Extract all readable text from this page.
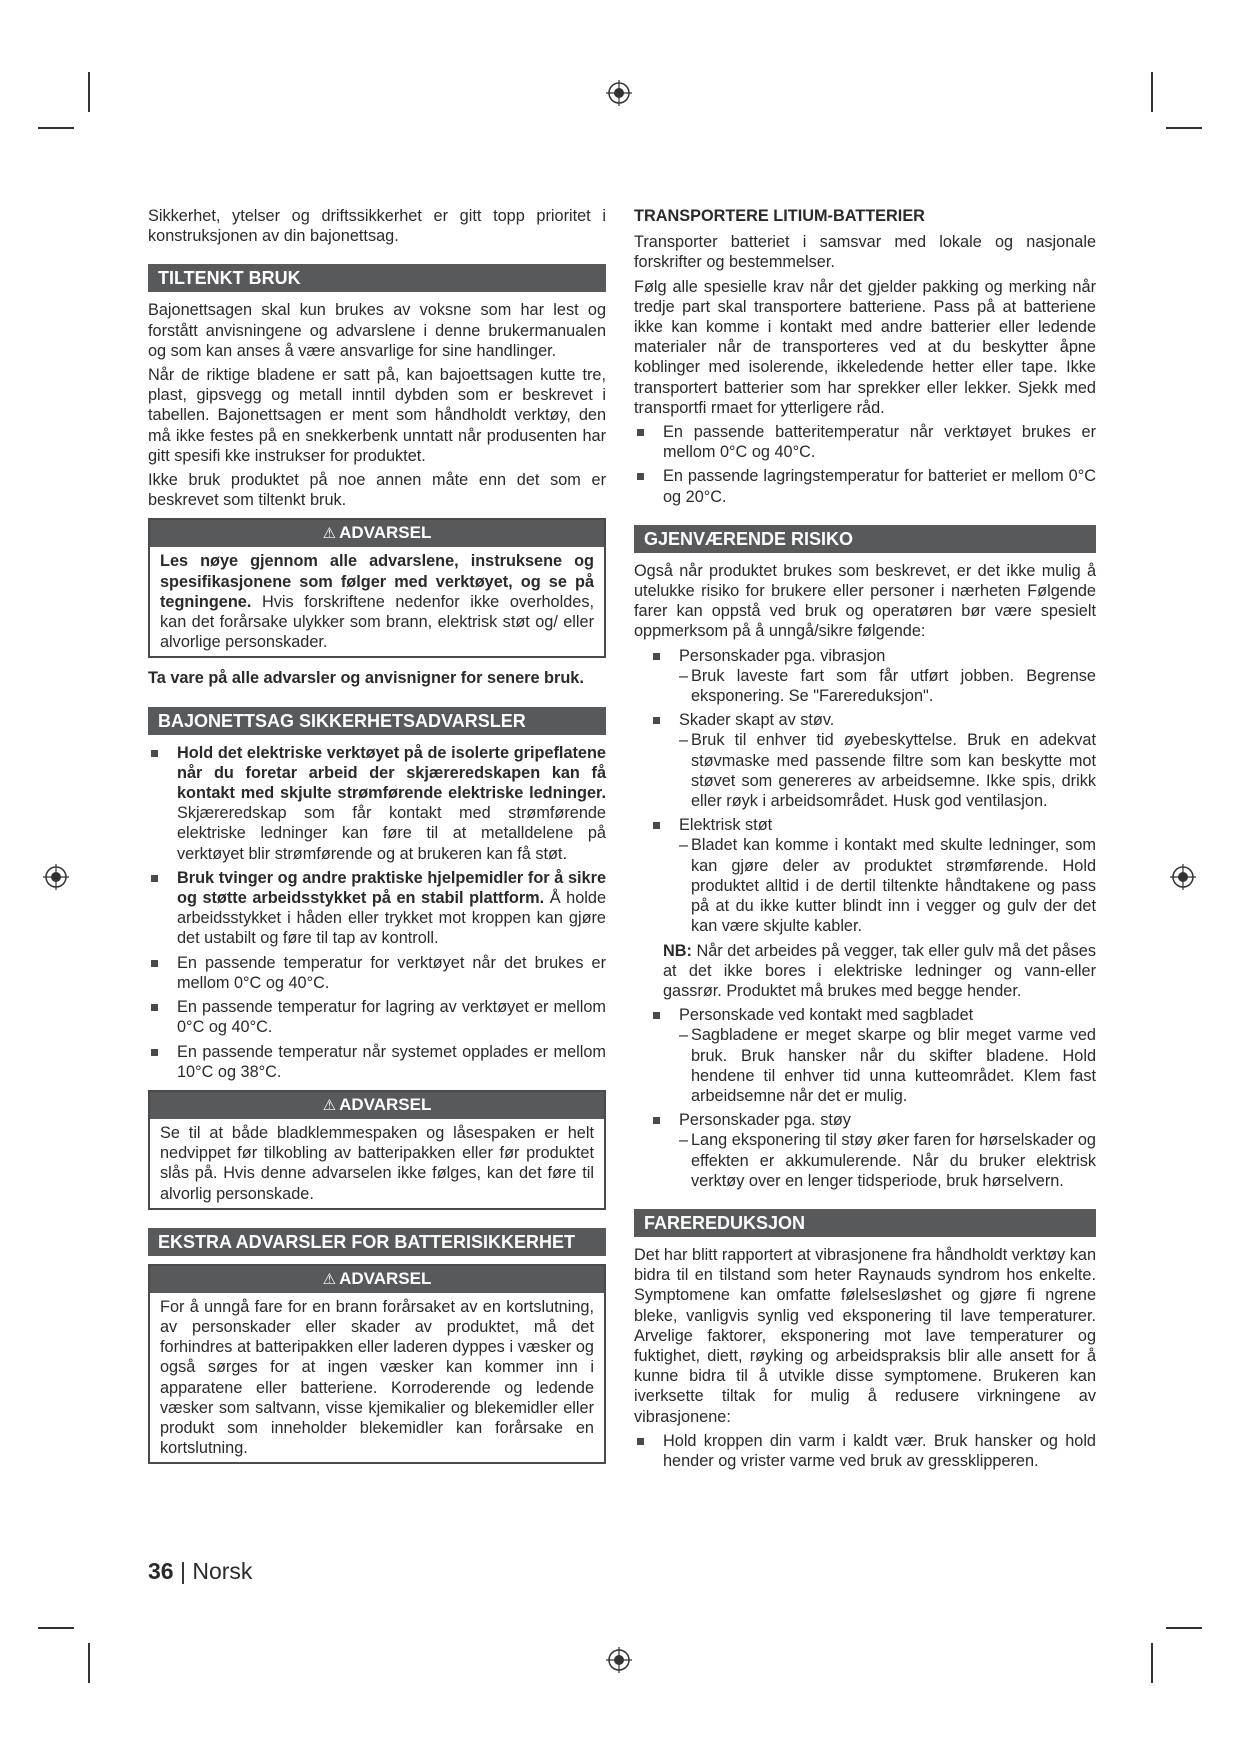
Sikkerhet, ytelser og driftssikkerhet er gitt topp prioritet i konstruksjonen av din bajonettsag.

TILTENKT BRUK

Bajonettsagen skal kun brukes av voksne som har lest og forstått anvisningene og advarslene i denne brukermanualen og som kan anses å være ansvarlige for sine handlinger.

Når de riktige bladene er satt på, kan bajoettsagen kutte tre, plast, gipsvegg og metall inntil dybden som er beskrevet i tabellen. Bajonettsagen er ment som håndholdt verktøy, den må ikke festes på en snekkerbenk unntatt når produsenten har gitt spesifi kke instrukser for produktet.

Ikke bruk produktet på noe annen måte enn det som er beskrevet som tiltenkt bruk.

⚠ ADVARSEL
Les nøye gjennom alle advarslene, instruksene og spesifikasjonene som følger med verktøyet, og se på tegningene. Hvis forskriftene nedenfor ikke overholdes, kan det forårsake ulykker som brann, elektrisk støt og/ eller alvorlige personskader.

Ta vare på alle advarsler og anvisnigner for senere bruk.

BAJONETTSAG SIKKERHETSADVARSLER
Hold det elektriske verktøyet på de isolerte gripeflatene når du foretar arbeid der skjæreredskapen kan få kontakt med skjulte strømførende elektriske ledninger. Skjæreredskap som får kontakt med strømførende elektriske ledninger kan føre til at metalldelene på verktøyet blir strømførende og at brukeren kan få støt.
Bruk tvinger og andre praktiske hjelpemidler for å sikre og støtte arbeidsstykket på en stabil plattform. Å holde arbeidsstykket i håden eller trykket mot kroppen kan gjøre det ustabilt og føre til tap av kontroll.
En passende temperatur for verktøyet når det brukes er mellom 0°C og 40°C.
En passende temperatur for lagring av verktøyet er mellom 0°C og 40°C.
En passende temperatur når systemet opplades er mellom 10°C og 38°C.
⚠ ADVARSEL
Se til at både bladklemmespaken og låsespaken er helt nedvippet før tilkobling av batteripakken eller før produktet slås på. Hvis denne advarselen ikke følges, kan det føre til alvorlig personskade.
EKSTRA ADVARSLER FOR BATTERISIKKERHET
⚠ ADVARSEL
For å unngå fare for en brann forårsaket av en kortslutning, av personskader eller skader av produktet, må det forhindres at batteripakken eller laderen dyppes i væsker og også sørges for at ingen væsker kan kommer inn i apparatene eller batteriene. Korroderende og ledende væsker som saltvann, visse kjemikalier og blekemidler eller produkt som inneholder blekemidler kan forårsake en kortslutning.
TRANSPORTERE LITIUM-BATTERIER

Transporter batteriet i samsvar med lokale og nasjonale forskrifter og bestemmelser.

Følg alle spesielle krav når det gjelder pakking og merking når tredje part skal transportere batteriene. Pass på at batteriene ikke kan komme i kontakt med andre batterier eller ledende materialer når de transporteres ved at du beskytter åpne koblinger med isolerende, ikkeledende hetter eller tape. Ikke transportert batterier som har sprekker eller lekker. Sjekk med transportfi rmaet for ytterligere råd.

En passende batteritemperatur når verktøyet brukes er mellom 0°C og 40°C.
En passende lagringstemperatur for batteriet er mellom 0°C og 20°C.
GJENVÆRENDE RISIKO

Også når produktet brukes som beskrevet, er det ikke mulig å utelukke risiko for brukere eller personer i nærheten Følgende farer kan oppstå ved bruk og operatøren bør være spesielt oppmerksom på å unngå/sikre følgende:

Personskader pga. vibrasjon
– Bruk laveste fart som får utført jobben. Begrense eksponering. Se "Farereduksjon".
Skader skapt av støv.
– Bruk til enhver tid øyebeskyttelse. Bruk en adekvat støvmaske med passende filtre som kan beskytte mot støvet som genereres av arbeidsemne. Ikke spis, drikk eller røyk i arbeidsområdet. Husk god ventilasjon.
Elektrisk støt
– Bladet kan komme i kontakt med skulte ledninger, som kan gjøre deler av produktet strømførende. Hold produktet alltid i de dertil tiltenkte håndtakene og pass på at du ikke kutter blindt inn i vegger og gulv der det kan være skjulte kabler.

NB: Når det arbeides på vegger, tak eller gulv må det påses at det ikke bores i elektriske ledninger og vann-eller gassrør. Produktet må brukes med begge hender.

Personskade ved kontakt med sagbladet
– Sagbladene er meget skarpe og blir meget varme ved bruk. Bruk hansker når du skifter bladene. Hold hendene til enhver tid unna kutteområdet. Klem fast arbeidsemne når det er mulig.
Personskader pga. støy
– Lang eksponering til støy øker faren for hørselskader og effekten er akkumulerende. Når du bruker elektrisk verktøy over en lenger tidsperiode, bruk hørselvern.
FAREREDUKSJON

Det har blitt rapportert at vibrasjonene fra håndholdt verktøy kan bidra til en tilstand som heter Raynauds syndrom hos enkelte. Symptomene kan omfatte følelsesløshet og gjøre fi ngrene bleke, vanligvis synlig ved eksponering til lave temperaturer. Arvelige faktorer, eksponering mot lave temperaturer og fuktighet, diett, røyking og arbeidspraksis blir alle ansett for å kunne bidra til å utvikle disse symptomene. Brukeren kan iverksette tiltak for mulig å redusere virkningene av vibrasjonene:

Hold kroppen din varm i kaldt vær. Bruk hansker og hold hender og vrister varme ved bruk av gressklipperen.
36 | Norsk
